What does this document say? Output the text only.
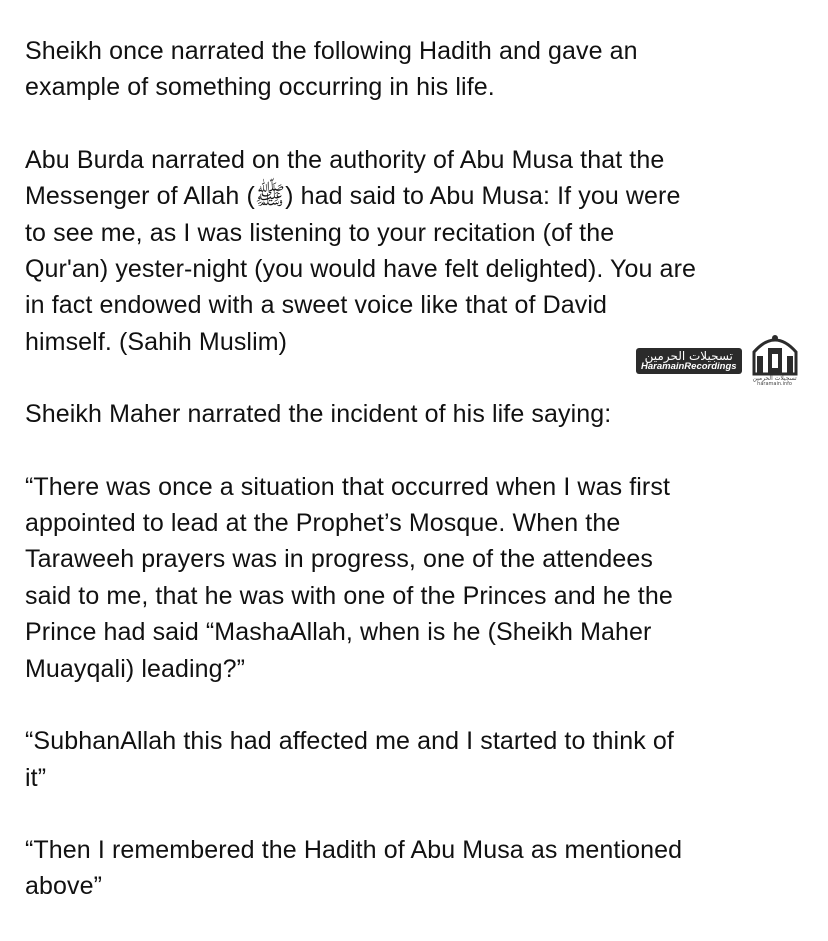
Sheikh once narrated the following Hadith and gave an
example of something occurring in his life.

Abu Burda narrated on the authority of Abu Musa that the
Messenger of Allah (ﷺ) had said to Abu Musa: If you were
to see me, as I was listening to your recitation (of the
Qur'an) yester-night (you would have felt delighted). You are
in fact endowed with a sweet voice like that of David
himself. (Sahih Muslim)

Sheikh Maher narrated the incident of his life saying:

“There was once a situation that occurred when I was first
appointed to lead at the Prophet’s Mosque. When the
Taraweeh prayers was in progress, one of the attendees
said to me, that he was with one of the Princes and he the
Prince had said “MashaAllah, when is he (Sheikh Maher
Muayqali) leading?”

“SubhanAllah this had affected me and I started to think of
it”

“Then I remembered the Hadith of Abu Musa as mentioned
above”

تسجيلات الحرمين
HaramainRecordings
تسجيلات الحرمين
haramain.info
